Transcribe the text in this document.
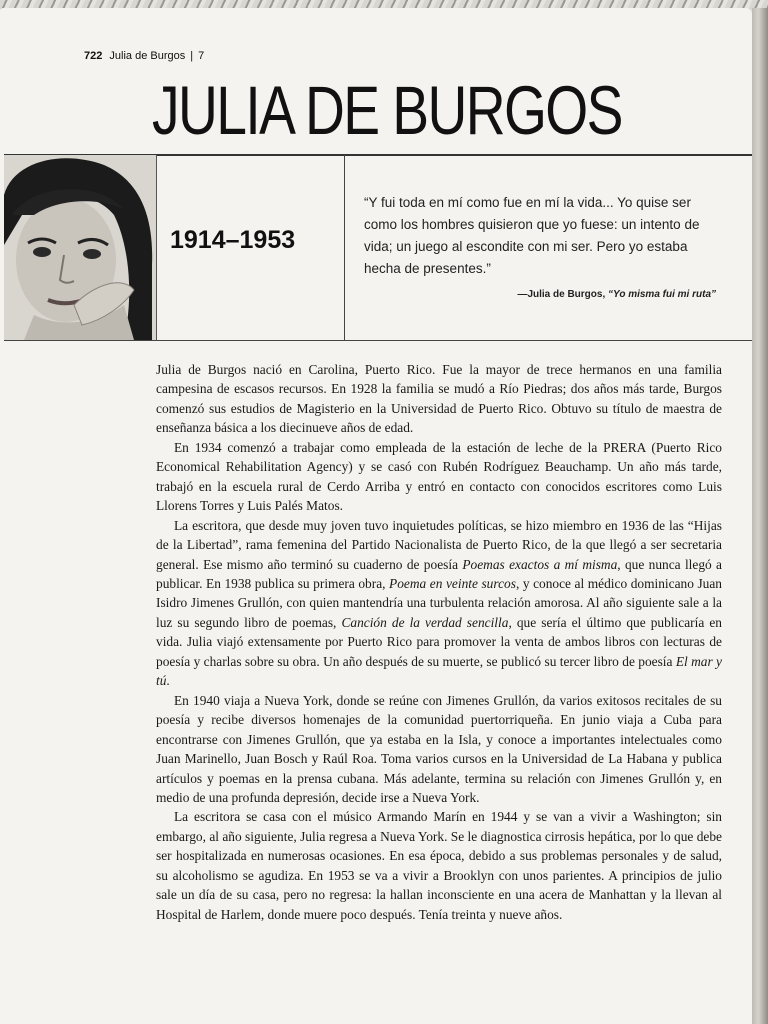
722 Julia de Burgos | 7
JULIA DE BURGOS
1914–1953
“Y fui toda en mí como fue en mí la vida... Yo quise ser como los hombres quisieron que yo fuese: un intento de vida; un juego al escondite con mi ser. Pero yo estaba hecha de presentes.”
—Julia de Burgos, “Yo misma fui mi ruta”

Julia de Burgos nació en Carolina, Puerto Rico. Fue la mayor de trece hermanos en una familia campesina de escasos recursos. En 1928 la familia se mudó a Río Piedras; dos años más tarde, Burgos comenzó sus estudios de Magisterio en la Universidad de Puerto Rico. Obtuvo su título de maestra de enseñanza básica a los diecinueve años de edad.

En 1934 comenzó a trabajar como empleada de la estación de leche de la PRERA (Puerto Rico Economical Rehabilitation Agency) y se casó con Rubén Rodríguez Beauchamp. Un año más tarde, trabajó en la escuela rural de Cerdo Arriba y entró en contacto con conocidos escritores como Luis Llorens Torres y Luis Palés Matos.

La escritora, que desde muy joven tuvo inquietudes políticas, se hizo miembro en 1936 de las “Hijas de la Libertad”, rama femenina del Partido Nacionalista de Puerto Rico, de la que llegó a ser secretaria general. Ese mismo año terminó su cuaderno de poesía Poemas exactos a mí misma, que nunca llegó a publicar. En 1938 publica su primera obra, Poema en veinte surcos, y conoce al médico dominicano Juan Isidro Jimenes Grullón, con quien mantendría una turbulenta relación amorosa. Al año siguiente sale a la luz su segundo libro de poemas, Canción de la verdad sencilla, que sería el último que publicaría en vida. Julia viajó extensamente por Puerto Rico para promover la venta de ambos libros con lecturas de poesía y charlas sobre su obra. Un año después de su muerte, se publicó su tercer libro de poesía El mar y tú.

En 1940 viaja a Nueva York, donde se reúne con Jimenes Grullón, da varios exitosos recitales de su poesía y recibe diversos homenajes de la comunidad puertorriqueña. En junio viaja a Cuba para encontrarse con Jimenes Grullón, que ya estaba en la Isla, y conoce a importantes intelectuales como Juan Marinello, Juan Bosch y Raúl Roa. Toma varios cursos en la Universidad de La Habana y publica artículos y poemas en la prensa cubana. Más adelante, termina su relación con Jimenes Grullón y, en medio de una profunda depresión, decide irse a Nueva York.

La escritora se casa con el músico Armando Marín en 1944 y se van a vivir a Washington; sin embargo, al año siguiente, Julia regresa a Nueva York. Se le diagnostica cirrosis hepática, por lo que debe ser hospitalizada en numerosas ocasiones. En esa época, debido a sus problemas personales y de salud, su alcoholismo se agudiza. En 1953 se va a vivir a Brooklyn con unos parientes. A principios de julio sale un día de su casa, pero no regresa: la hallan inconsciente en una acera de Manhattan y la llevan al Hospital de Harlem, donde muere poco después. Tenía treinta y nueve años.
